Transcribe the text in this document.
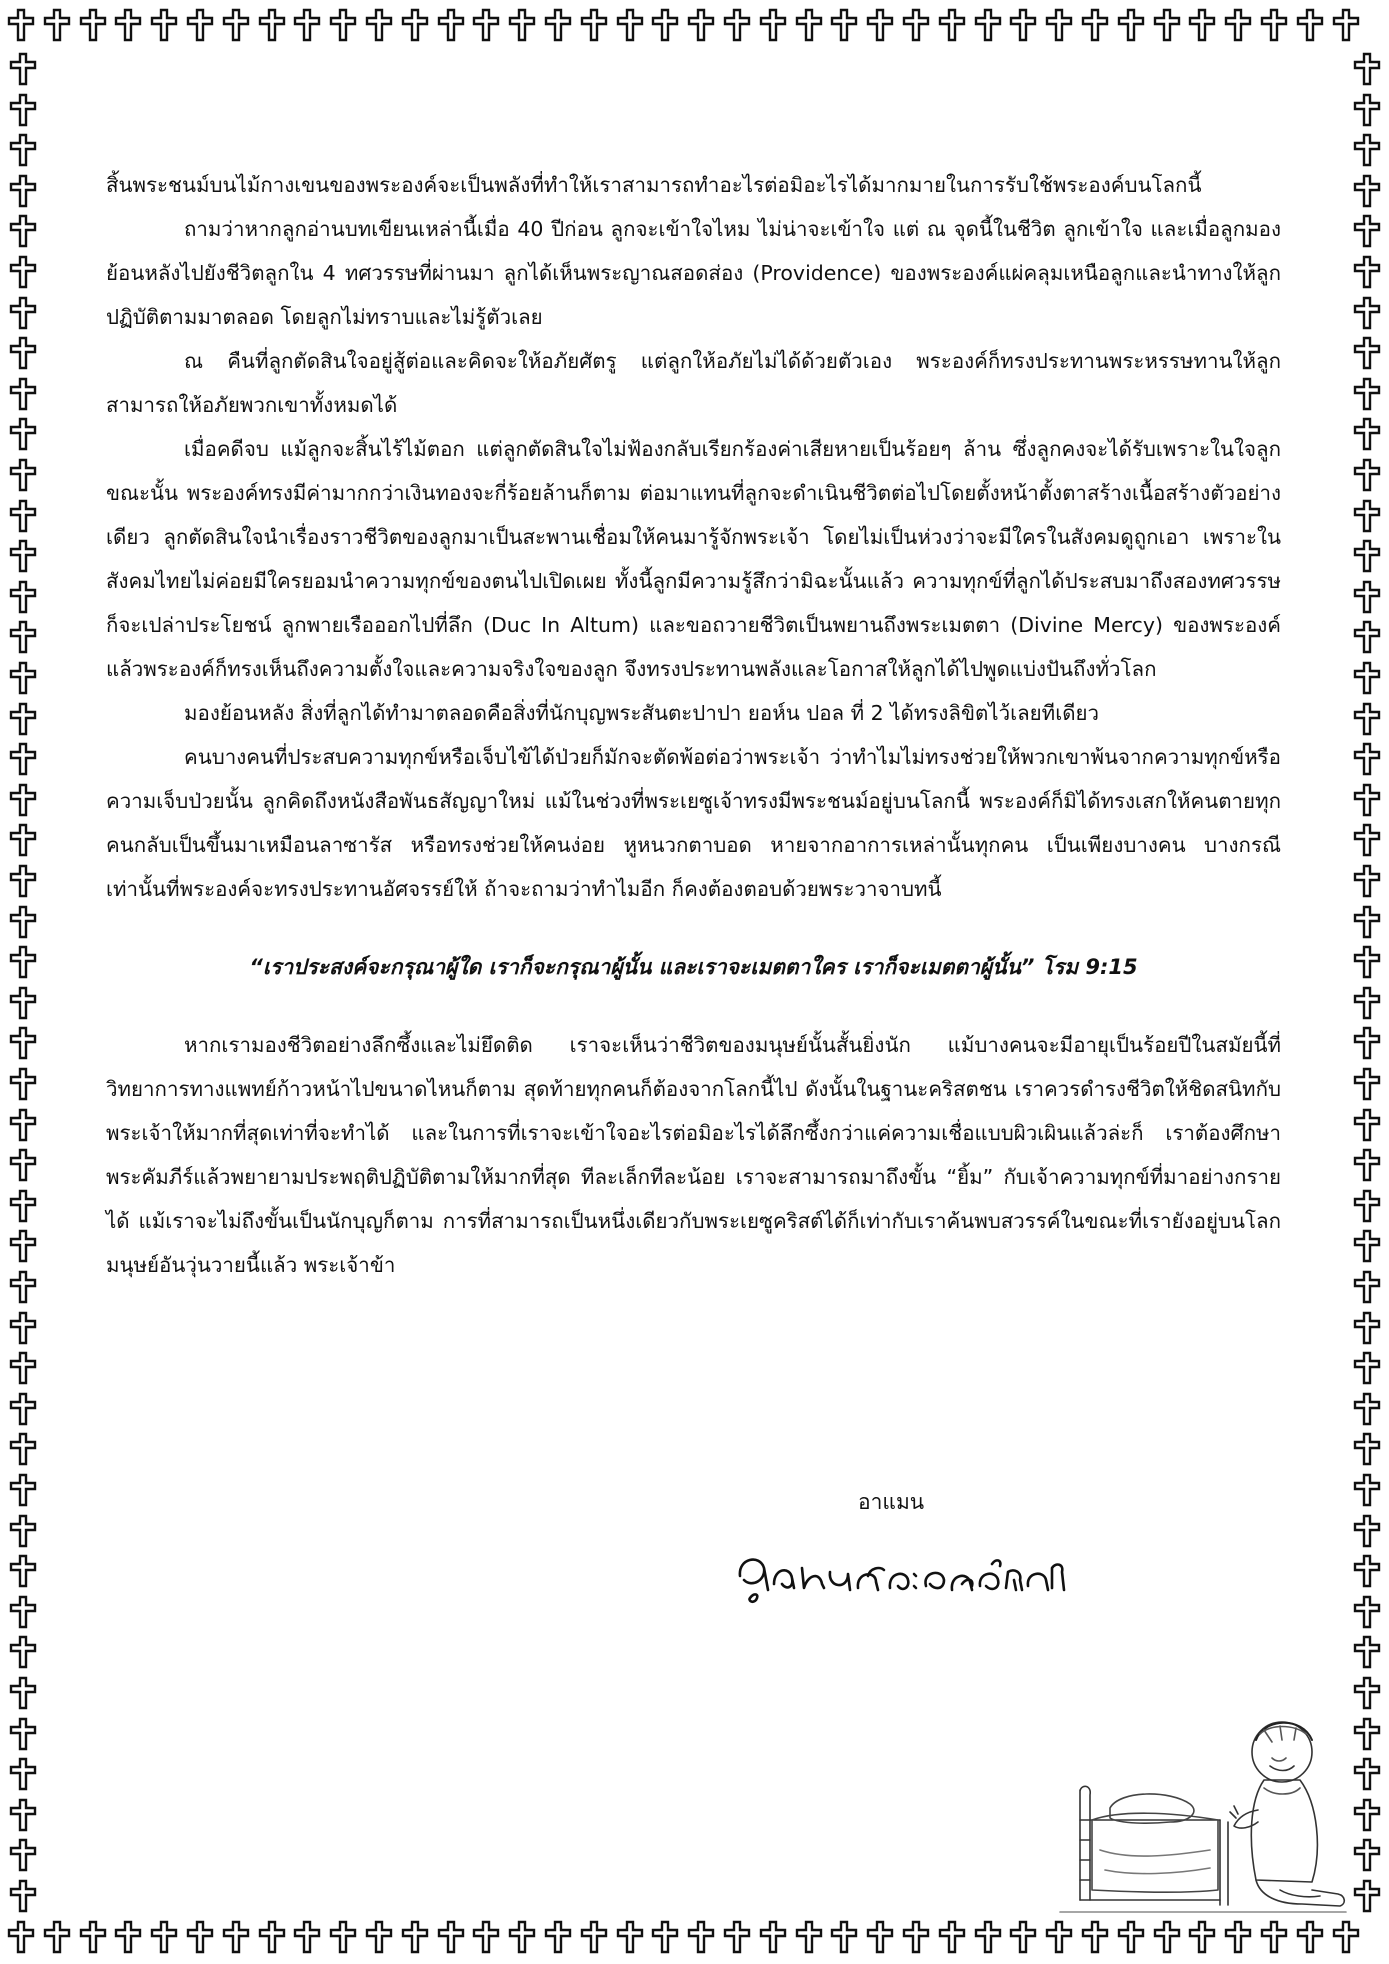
สิ้นพระชนม์บนไม้กางเขนของพระองค์จะเป็นพลังที่ทำให้เราสามารถทำอะไรต่อมิอะไรได้มากมายในการรับใช้พระองค์บนโลกนี้

ถามว่าหากลูกอ่านบทเขียนเหล่านี้เมื่อ 40 ปีก่อน ลูกจะเข้าใจไหม ไม่น่าจะเข้าใจ แต่ ณ จุดนี้ในชีวิต ลูกเข้าใจ และเมื่อลูกมองย้อนหลังไปยังชีวิตลูกใน 4 ทศวรรษที่ผ่านมา ลูกได้เห็นพระญาณสอดส่อง (Providence) ของพระองค์แผ่คลุมเหนือลูกและนำทางให้ลูกปฏิบัติตามมาตลอด โดยลูกไม่ทราบและไม่รู้ตัวเลย

ณ คืนที่ลูกตัดสินใจอยู่สู้ต่อและคิดจะให้อภัยศัตรู แต่ลูกให้อภัยไม่ได้ด้วยตัวเอง พระองค์ก็ทรงประทานพระหรรษทานให้ลูกสามารถให้อภัยพวกเขาทั้งหมดได้

เมื่อคดีจบ แม้ลูกจะสิ้นไร้ไม้ตอก แต่ลูกตัดสินใจไม่ฟ้องกลับเรียกร้องค่าเสียหายเป็นร้อยๆ ล้าน ซึ่งลูกคงจะได้รับเพราะในใจลูกขณะนั้น พระองค์ทรงมีค่ามากกว่าเงินทองจะกี่ร้อยล้านก็ตาม ต่อมาแทนที่ลูกจะดำเนินชีวิตต่อไปโดยตั้งหน้าตั้งตาสร้างเนื้อสร้างตัวอย่างเดียว ลูกตัดสินใจนำเรื่องราวชีวิตของลูกมาเป็นสะพานเชื่อมให้คนมารู้จักพระเจ้า โดยไม่เป็นห่วงว่าจะมีใครในสังคมดูถูกเอา เพราะในสังคมไทยไม่ค่อยมีใครยอมนำความทุกข์ของตนไปเปิดเผย ทั้งนี้ลูกมีความรู้สึกว่ามิฉะนั้นแล้ว ความทุกข์ที่ลูกได้ประสบมาถึงสองทศวรรษก็จะเปล่าประโยชน์ ลูกพายเรือออกไปที่ลึก (Duc In Altum) และขอถวายชีวิตเป็นพยานถึงพระเมตตา (Divine Mercy) ของพระองค์ แล้วพระองค์ก็ทรงเห็นถึงความตั้งใจและความจริงใจของลูก จึงทรงประทานพลังและโอกาสให้ลูกได้ไปพูดแบ่งปันถึงทั่วโลก

มองย้อนหลัง สิ่งที่ลูกได้ทำมาตลอดคือสิ่งที่นักบุญพระสันตะปาปา ยอห์น ปอล ที่ 2 ได้ทรงลิขิตไว้เลยทีเดียว

คนบางคนที่ประสบความทุกข์หรือเจ็บไข้ได้ป่วยก็มักจะตัดพ้อต่อว่าพระเจ้า ว่าทำไมไม่ทรงช่วยให้พวกเขาพ้นจากความทุกข์หรือความเจ็บป่วยนั้น ลูกคิดถึงหนังสือพันธสัญญาใหม่ แม้ในช่วงที่พระเยซูเจ้าทรงมีพระชนม์อยู่บนโลกนี้ พระองค์ก็มิได้ทรงเสกให้คนตายทุกคนกลับเป็นขึ้นมาเหมือนลาซารัส หรือทรงช่วยให้คนง่อย หูหนวกตาบอด หายจากอาการเหล่านั้นทุกคน เป็นเพียงบางคน บางกรณีเท่านั้นที่พระองค์จะทรงประทานอัศจรรย์ให้ ถ้าจะถามว่าทำไมอีก ก็คงต้องตอบด้วยพระวาจาบทนี้

“เราประสงค์จะกรุณาผู้ใด เราก็จะกรุณาผู้นั้น และเราจะเมตตาใคร เราก็จะเมตตาผู้นั้น” โรม 9:15

หากเรามองชีวิตอย่างลึกซึ้งและไม่ยึดติด เราจะเห็นว่าชีวิตของมนุษย์นั้นสั้นยิ่งนัก แม้บางคนจะมีอายุเป็นร้อยปีในสมัยนี้ที่วิทยาการทางแพทย์ก้าวหน้าไปขนาดไหนก็ตาม สุดท้ายทุกคนก็ต้องจากโลกนี้ไป ดังนั้นในฐานะคริสตชน เราควรดำรงชีวิตให้ชิดสนิทกับพระเจ้าให้มากที่สุดเท่าที่จะทำได้ และในการที่เราจะเข้าใจอะไรต่อมิอะไรได้ลึกซึ้งกว่าแค่ความเชื่อแบบผิวเผินแล้วล่ะก็ เราต้องศึกษาพระคัมภีร์แล้วพยายามประพฤติปฏิบัติตามให้มากที่สุด ทีละเล็กทีละน้อย เราจะสามารถมาถึงขั้น “ยิ้ม” กับเจ้าความทุกข์ที่มาอย่างกรายได้ แม้เราจะไม่ถึงขั้นเป็นนักบุญก็ตาม การที่สามารถเป็นหนึ่งเดียวกับพระเยซูคริสต์ได้ก็เท่ากับเราค้นพบสวรรค์ในขณะที่เรายังอยู่บนโลกมนุษย์อันวุ่นวายนี้แล้ว พระเจ้าข้า

อาแมน
